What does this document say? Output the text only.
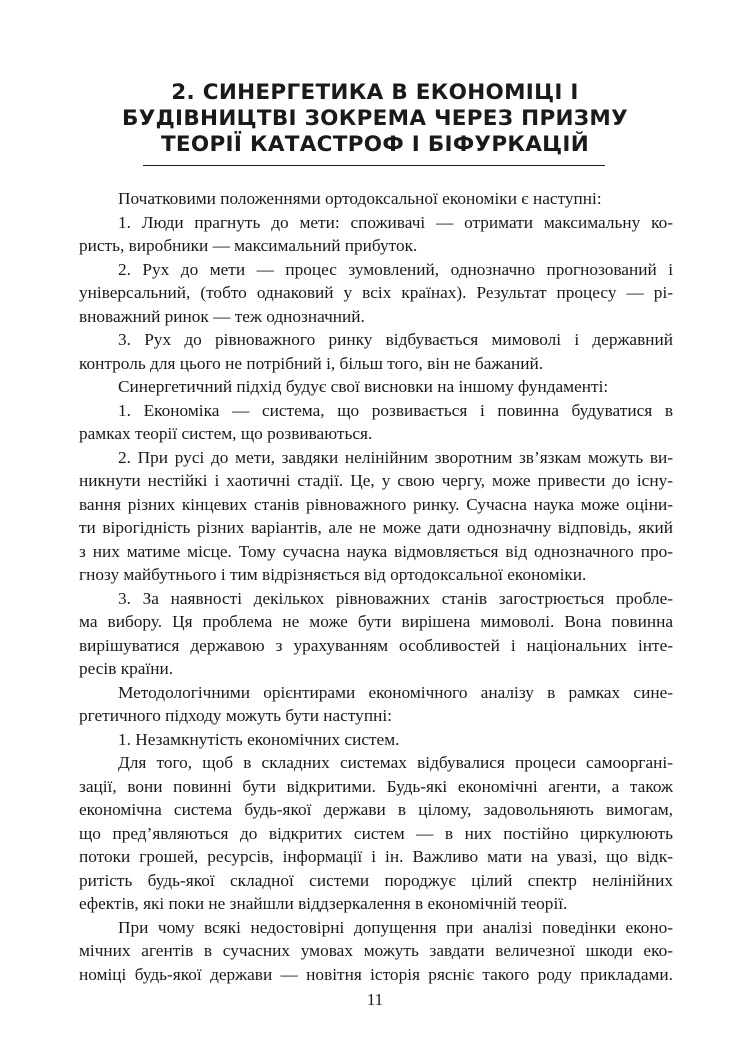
2. СИНЕРГЕТИКА В ЕКОНОМІЦІ І
БУДІВНИЦТВІ ЗОКРЕМА ЧЕРЕЗ ПРИЗМУ
ТЕОРІЇ КАТАСТРОФ І БІФУРКАЦІЙ
Початковими положеннями ортодоксальної економіки є наступні:
1. Люди прагнуть до мети: споживачі — отримати максимальну ко-
ристь, виробники — максимальний прибуток.
2. Рух до мети — процес зумовлений, однозначно прогнозований і
універсальний, (тобто однаковий у всіх країнах). Результат процесу — рі-
вноважний ринок — теж однозначний.
3. Рух до рівноважного ринку відбувається мимоволі і державний
контроль для цього не потрібний і, більш того, він не бажаний.
Синергетичний підхід будує свої висновки на іншому фундаменті:
1. Економіка — система, що розвивається і повинна будуватися в
рамках теорії систем, що розвиваються.
2. При русі до мети, завдяки нелінійним зворотним зв’язкам можуть ви-
никнути нестійкі і хаотичні стадії. Це, у свою чергу, може привести до існу-
вання різних кінцевих станів рівноважного ринку. Сучасна наука може оціни-
ти вірогідність різних варіантів, але не може дати однозначну відповідь, який
з них матиме місце. Тому сучасна наука відмовляється від однозначного про-
гнозу майбутнього і тим відрізняється від ортодоксальної економіки.
3. За наявності декількох рівноважних станів загострюється пробле-
ма вибору. Ця проблема не може бути вирішена мимоволі. Вона повинна
вирішуватися державою з урахуванням особливостей і національних інте-
ресів країни.
Методологічними орієнтирами економічного аналізу в рамках сине-
ргетичного підходу можуть бути наступні:
1. Незамкнутість економічних систем.
Для того, щоб в складних системах відбувалися процеси самооргані-
зації, вони повинні бути відкритими. Будь-які економічні агенти, а також
економічна система будь-якої держави в цілому, задовольняють вимогам,
що пред’являються до відкритих систем — в них постійно циркулюють
потоки грошей, ресурсів, інформації і ін. Важливо мати на увазі, що відк-
ритість будь-якої складної системи породжує цілий спектр нелінійних
ефектів, які поки не знайшли віддзеркалення в економічній теорії.
При чому всякі недостовірні допущення при аналізі поведінки еконо-
мічних агентів в сучасних умовах можуть завдати величезної шкоди еко-
номіці будь-якої держави — новітня історія рясніє такого роду прикладами.
11
